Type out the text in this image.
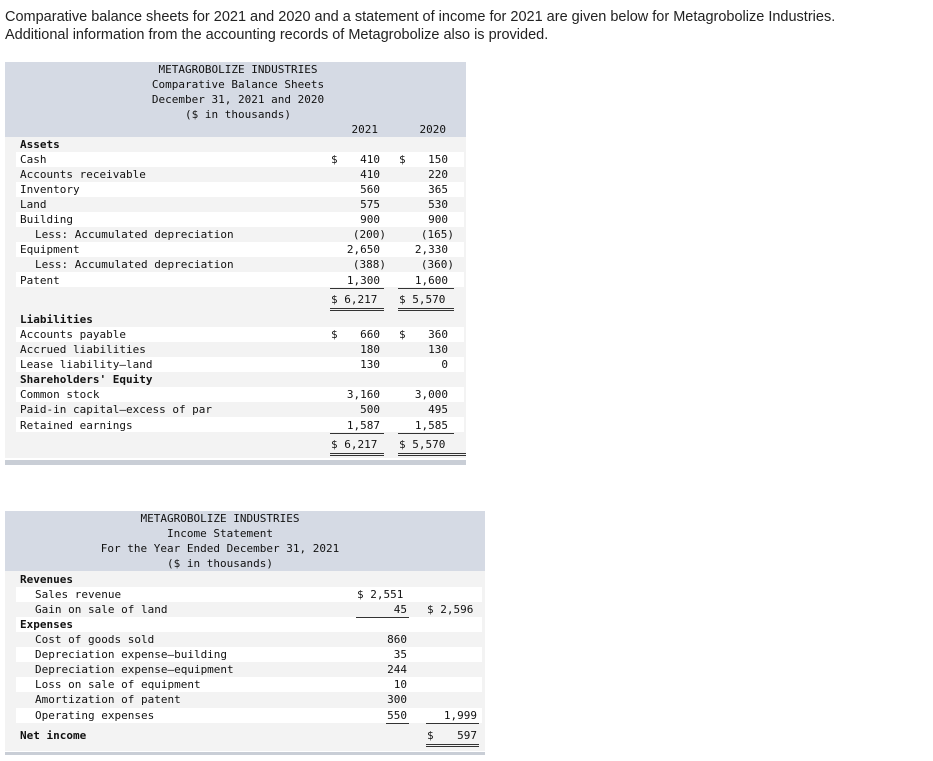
Comparative balance sheets for 2021 and 2020 and a statement of income for 2021 are given below for Metagrobolize Industries.
Additional information from the accounting records of Metagrobolize also is provided.
METAGROBOLIZE INDUSTRIES
Comparative Balance Sheets
December 31, 2021 and 2020
($ in thousands)
2021	2020
Assets
Cash	$	410 $	150
Accounts receivable	410	220
Inventory	560	365
Land	575	530
Building	900	900
Less: Accumulated depreciation	(200)	(165)
Equipment	2,650	2,330
Less: Accumulated depreciation	(388)	(360)
Patent	1,300	1,600
$ 6,217 $ 5,570
Liabilities
Accounts payable	$	660 $	360
Accrued liabilities	180	130
Lease liability–land	130	0
Shareholders' Equity
Common stock	3,160	3,000
Paid-in capital–excess of par	500	495
Retained earnings	1,587	1,585
$ 6,217 $ 5,570
METAGROBOLIZE INDUSTRIES
Income Statement
For the Year Ended December 31, 2021
($ in thousands)
Revenues
Sales revenue	$ 2,551
Gain on sale of land	45 $ 2,596
Expenses
Cost of goods sold	860
Depreciation expense–building	35
Depreciation expense–equipment	244
Loss on sale of equipment	10
Amortization of patent	300
Operating expenses	550	1,999
Net income	$	597
